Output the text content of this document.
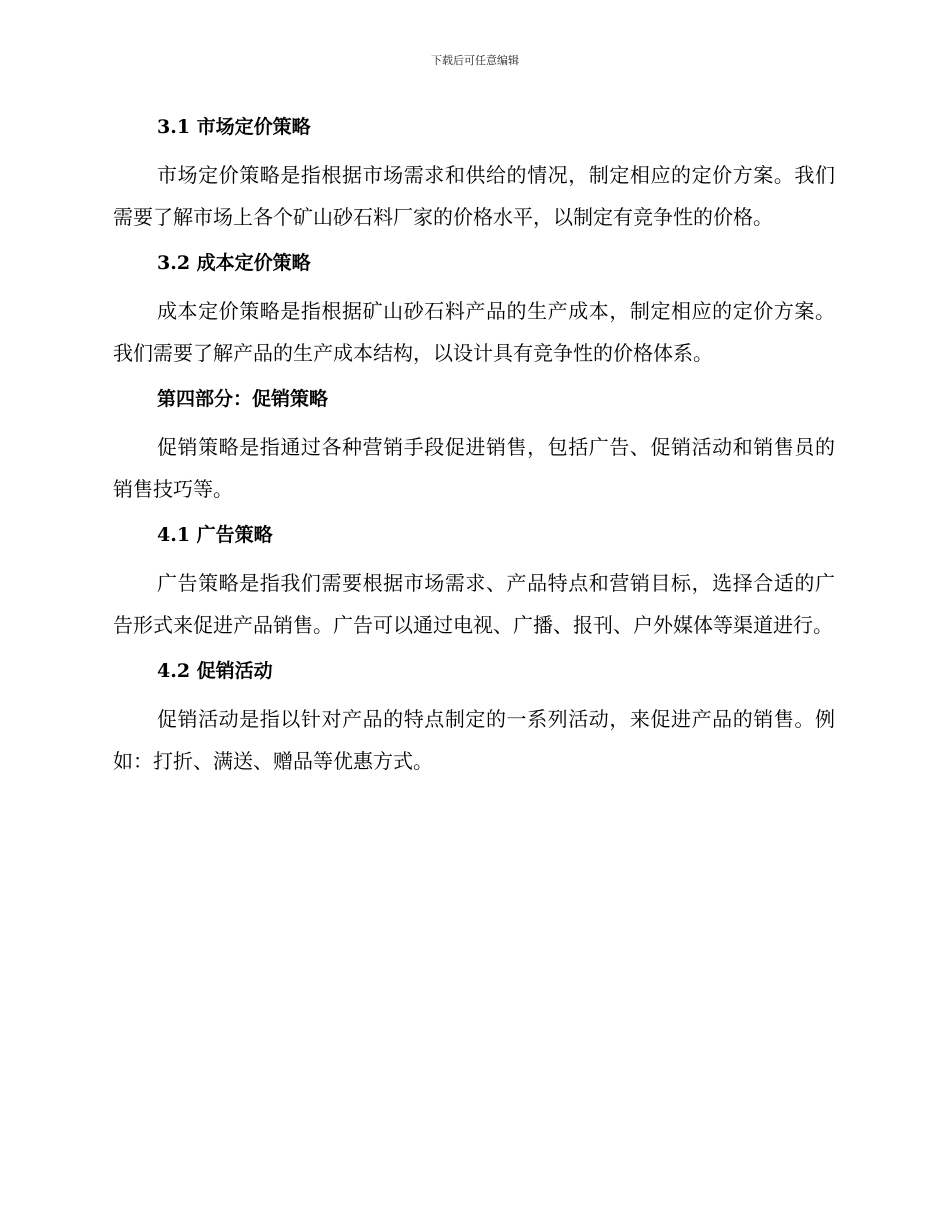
下载后可任意编辑
3.1 市场定价策略

市场定价策略是指根据市场需求和供给的情况，制定相应的定价方案。我们需要了解市场上各个矿山砂石料厂家的价格水平，以制定有竞争性的价格。

3.2 成本定价策略

成本定价策略是指根据矿山砂石料产品的生产成本，制定相应的定价方案。我们需要了解产品的生产成本结构，以设计具有竞争性的价格体系。

第四部分：促销策略

促销策略是指通过各种营销手段促进销售，包括广告、促销活动和销售员的销售技巧等。

4.1 广告策略

广告策略是指我们需要根据市场需求、产品特点和营销目标，选择合适的广告形式来促进产品销售。广告可以通过电视、广播、报刊、户外媒体等渠道进行。

4.2 促销活动

促销活动是指以针对产品的特点制定的一系列活动，来促进产品的销售。例如：打折、满送、赠品等优惠方式。
